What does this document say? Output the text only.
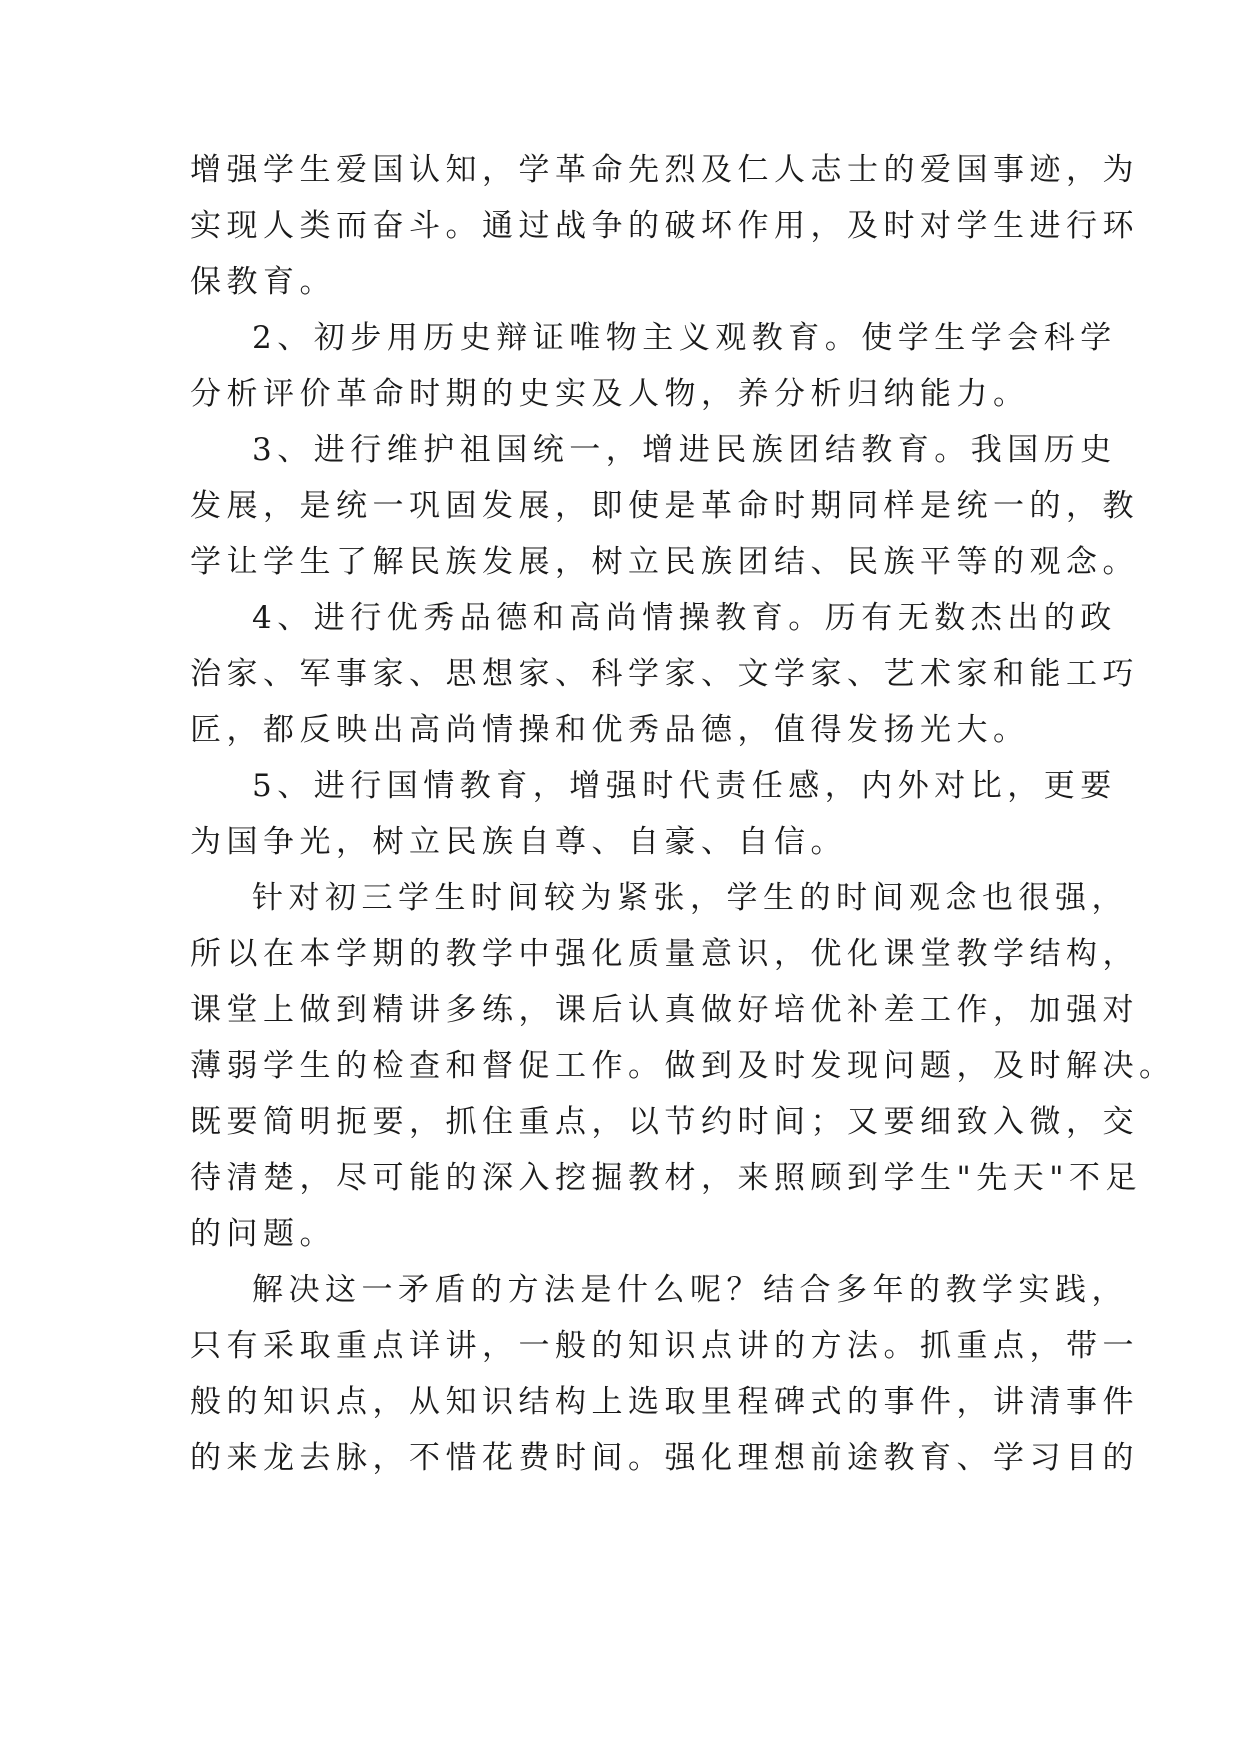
增强学生爱国认知，学革命先烈及仁人志士的爱国事迹，为
实现人类而奋斗。通过战争的破坏作用，及时对学生进行环
保教育。
2、初步用历史辩证唯物主义观教育。使学生学会科学
分析评价革命时期的史实及人物，养分析归纳能力。
3、进行维护祖国统一，增进民族团结教育。我国历史
发展，是统一巩固发展，即使是革命时期同样是统一的，教
学让学生了解民族发展，树立民族团结、民族平等的观念。
4、进行优秀品德和高尚情操教育。历有无数杰出的政
治家、军事家、思想家、科学家、文学家、艺术家和能工巧
匠，都反映出高尚情操和优秀品德，值得发扬光大。
5、进行国情教育，增强时代责任感，内外对比，更要
为国争光，树立民族自尊、自豪、自信。
针对初三学生时间较为紧张，学生的时间观念也很强，
所以在本学期的教学中强化质量意识，优化课堂教学结构，
课堂上做到精讲多练，课后认真做好培优补差工作，加强对
薄弱学生的检查和督促工作。做到及时发现问题，及时解决。
既要简明扼要，抓住重点，以节约时间；又要细致入微，交
待清楚，尽可能的深入挖掘教材，来照顾到学生"先天"不足
的问题。
解决这一矛盾的方法是什么呢？结合多年的教学实践，
只有采取重点详讲，一般的知识点讲的方法。抓重点，带一
般的知识点，从知识结构上选取里程碑式的事件，讲清事件
的来龙去脉，不惜花费时间。强化理想前途教育、学习目的
